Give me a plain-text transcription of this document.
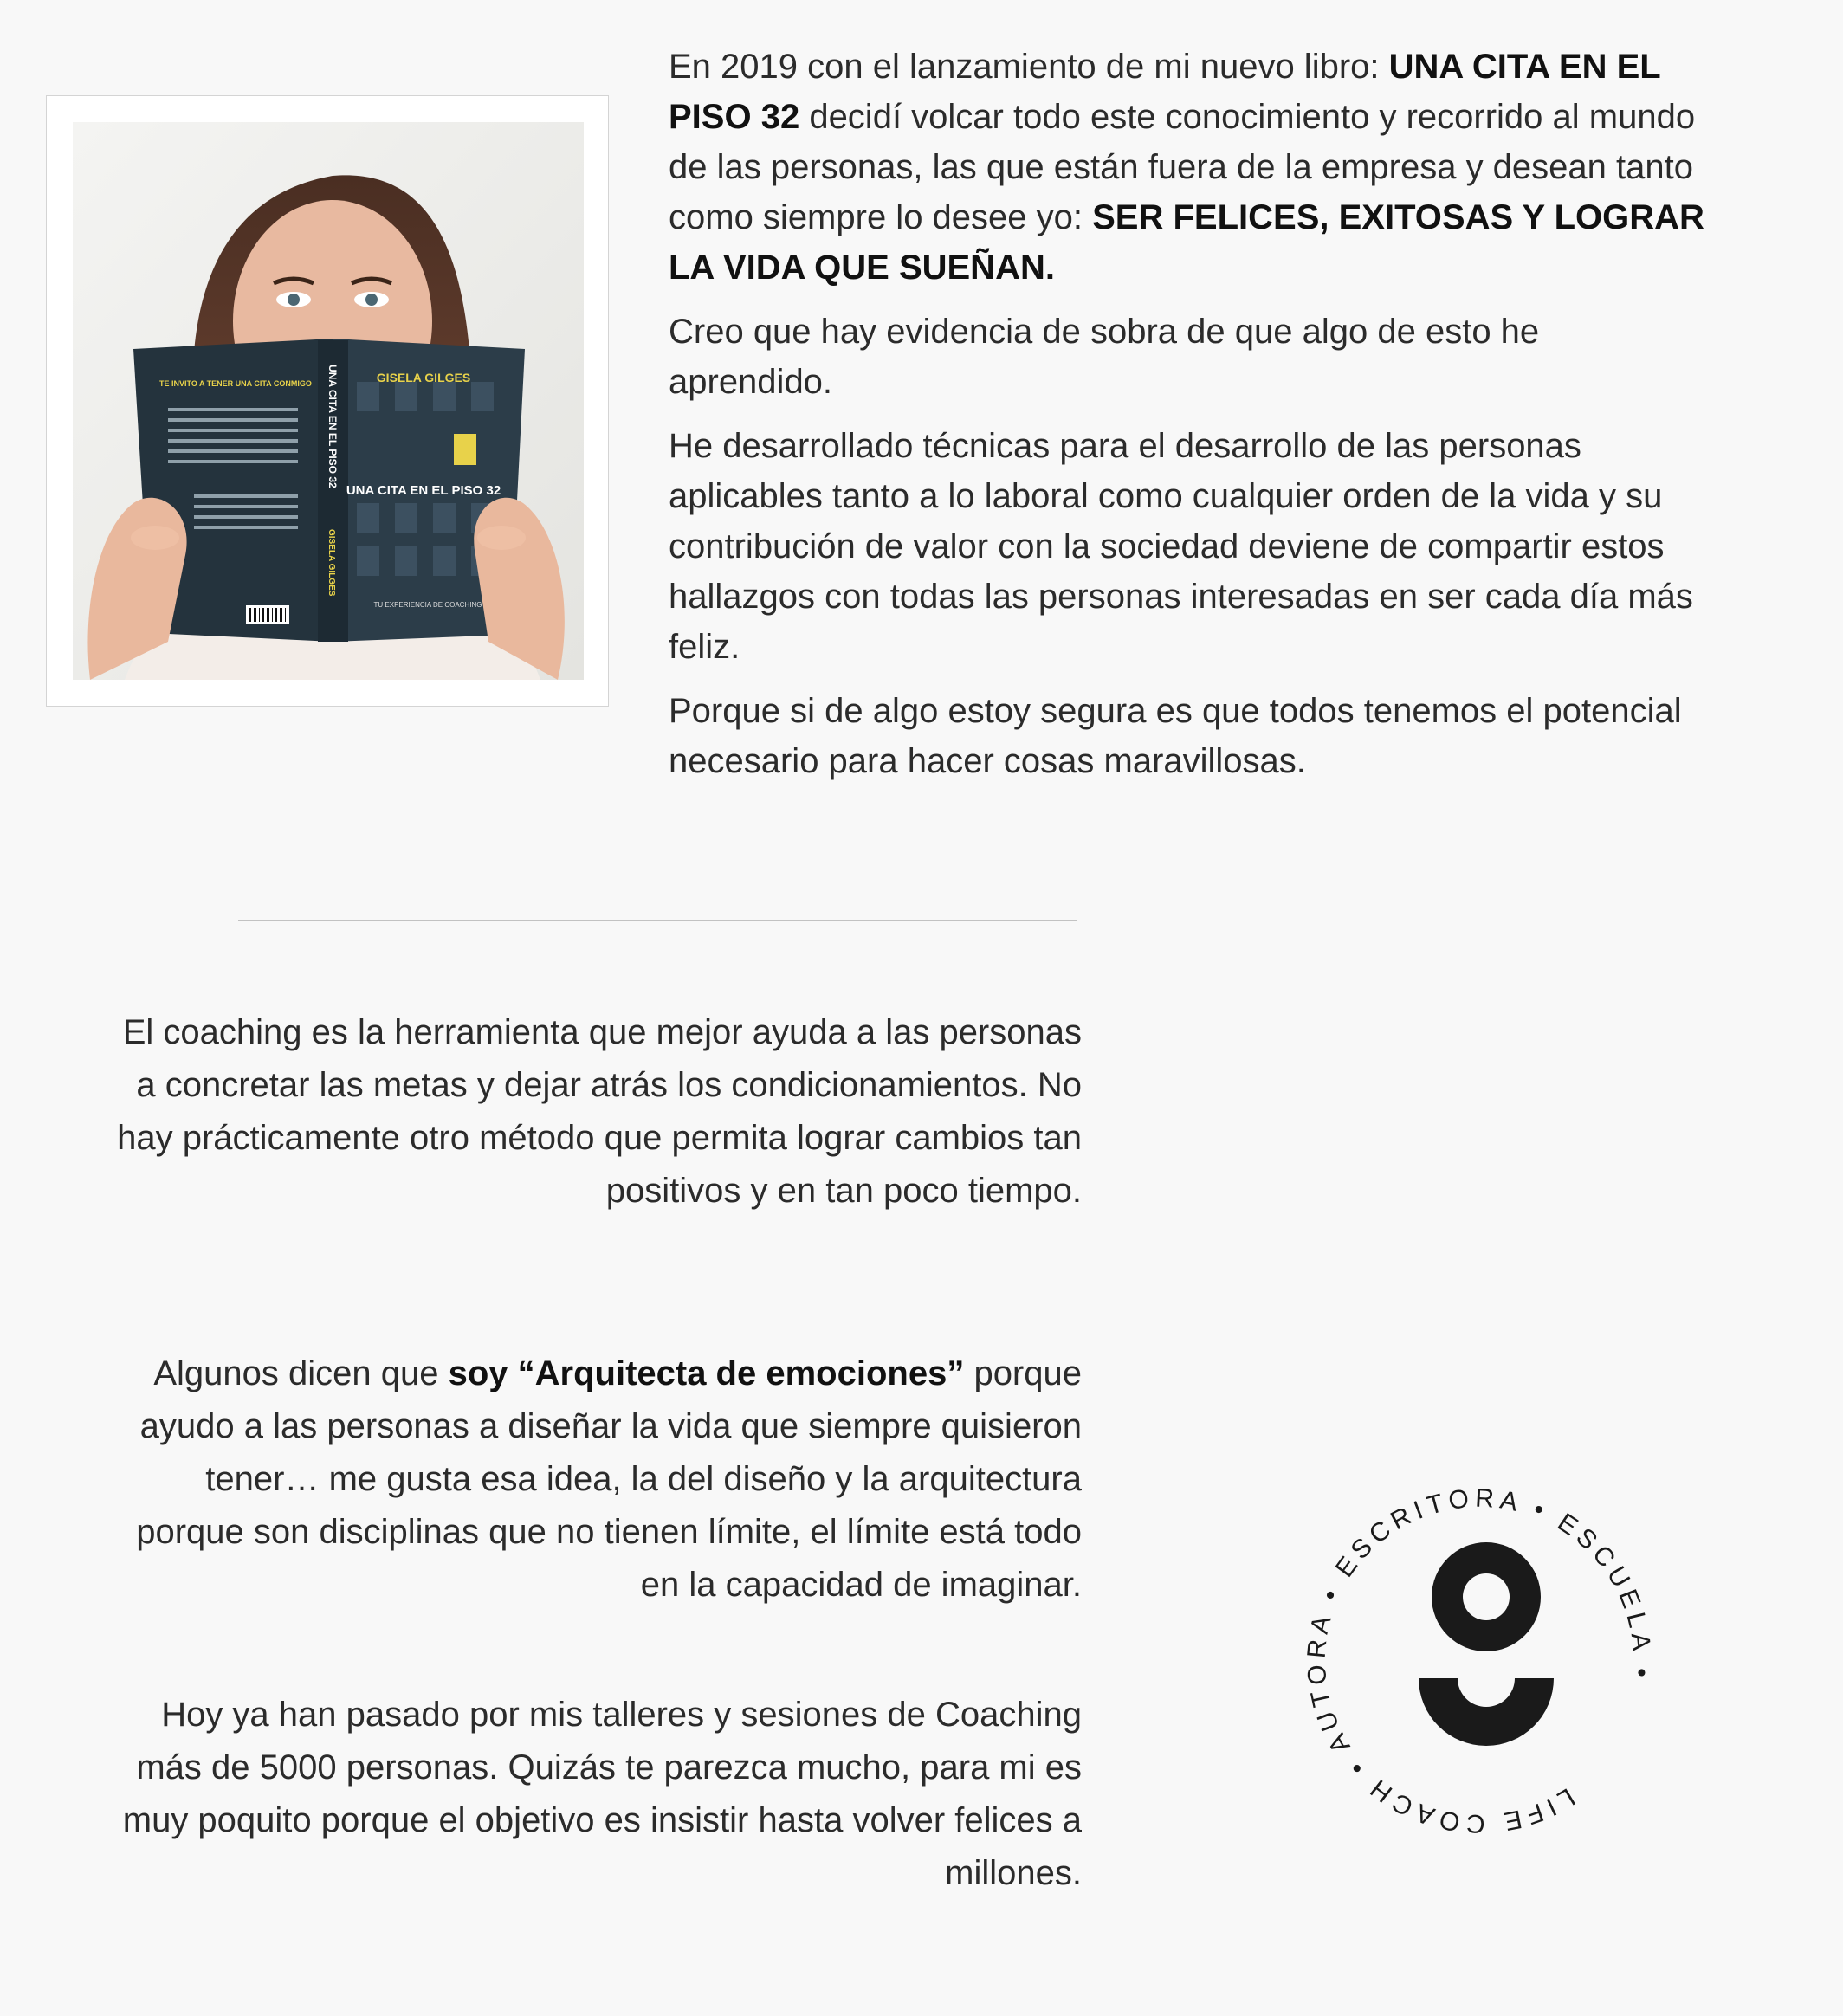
TE INVITO A TENER UNA CITA CONMIGO	GISELA GILGES
UNA CITA EN EL PISO 32
TU EXPERIENCIA DE COACHING
UNA CITA EN EL PISO 32
GISELA GILGES

En 2019 con el lanzamiento de mi nuevo libro: UNA CITA EN EL PISO 32 decidí volcar todo este conocimiento y recorrido al mundo de las personas, las que están fuera de la empresa y desean tanto como siempre lo desee yo: SER FELICES, EXITOSAS Y LOGRAR LA VIDA QUE SUEÑAN.

Creo que hay evidencia de sobra de que algo de esto he aprendido.

He desarrollado técnicas para el desarrollo de las personas aplicables tanto a lo laboral como cualquier orden de la vida y su contribución de valor con la sociedad deviene de compartir estos hallazgos con todas las personas interesadas en ser cada día más feliz.

Porque si de algo estoy segura es que todos tenemos el potencial necesario para hacer cosas maravillosas.

El coaching es la herramienta que mejor ayuda a las personas a concretar las metas y dejar atrás los condicionamientos. No hay prácticamente otro método que permita lograr cambios tan positivos y en tan poco tiempo.

Algunos dicen que soy “Arquitecta de emociones” porque ayudo a las personas a diseñar la vida que siempre quisieron tener… me gusta esa idea, la del diseño y la arquitectura porque son disciplinas que no tienen límite, el límite está todo en la capacidad de imaginar.

Hoy ya han pasado por mis talleres y sesiones de Coaching más de 5000 personas. Quizás te parezca mucho, para mi es muy poquito porque el objetivo es insistir hasta volver felices a millones.

LIFE COACH • AUTORA • ESCRITORA • ESCUELA •
